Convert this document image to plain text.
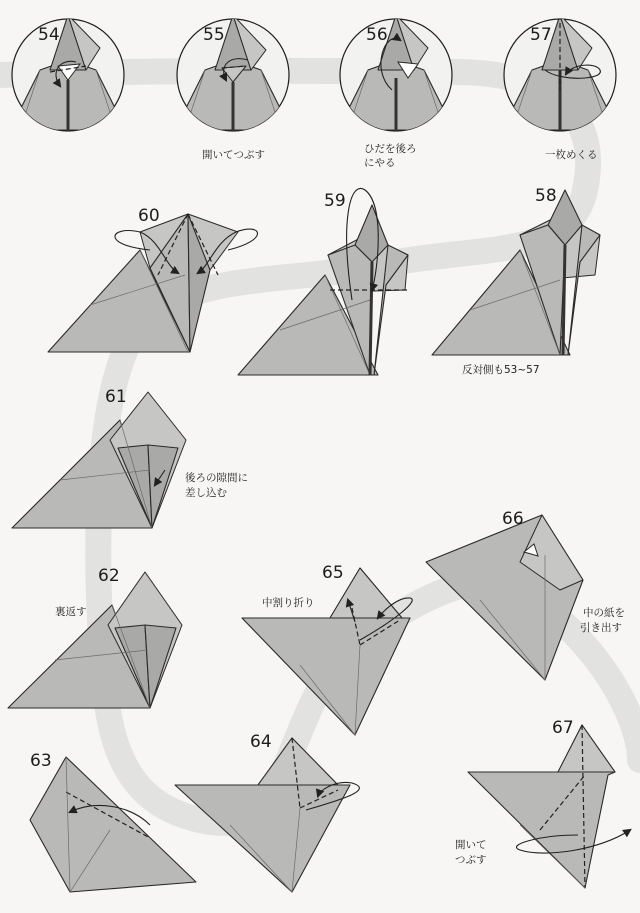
54	55
開いてつぶす
56
ひだを後ろ
にやる
57
一枚めくる
58
反対側も53~57
59
60
61
後ろの隙間に
差し込む
62
裏返す
63
64
65
中割り折り
66
中の紙を
引き出す
67
開いて
つぶす
